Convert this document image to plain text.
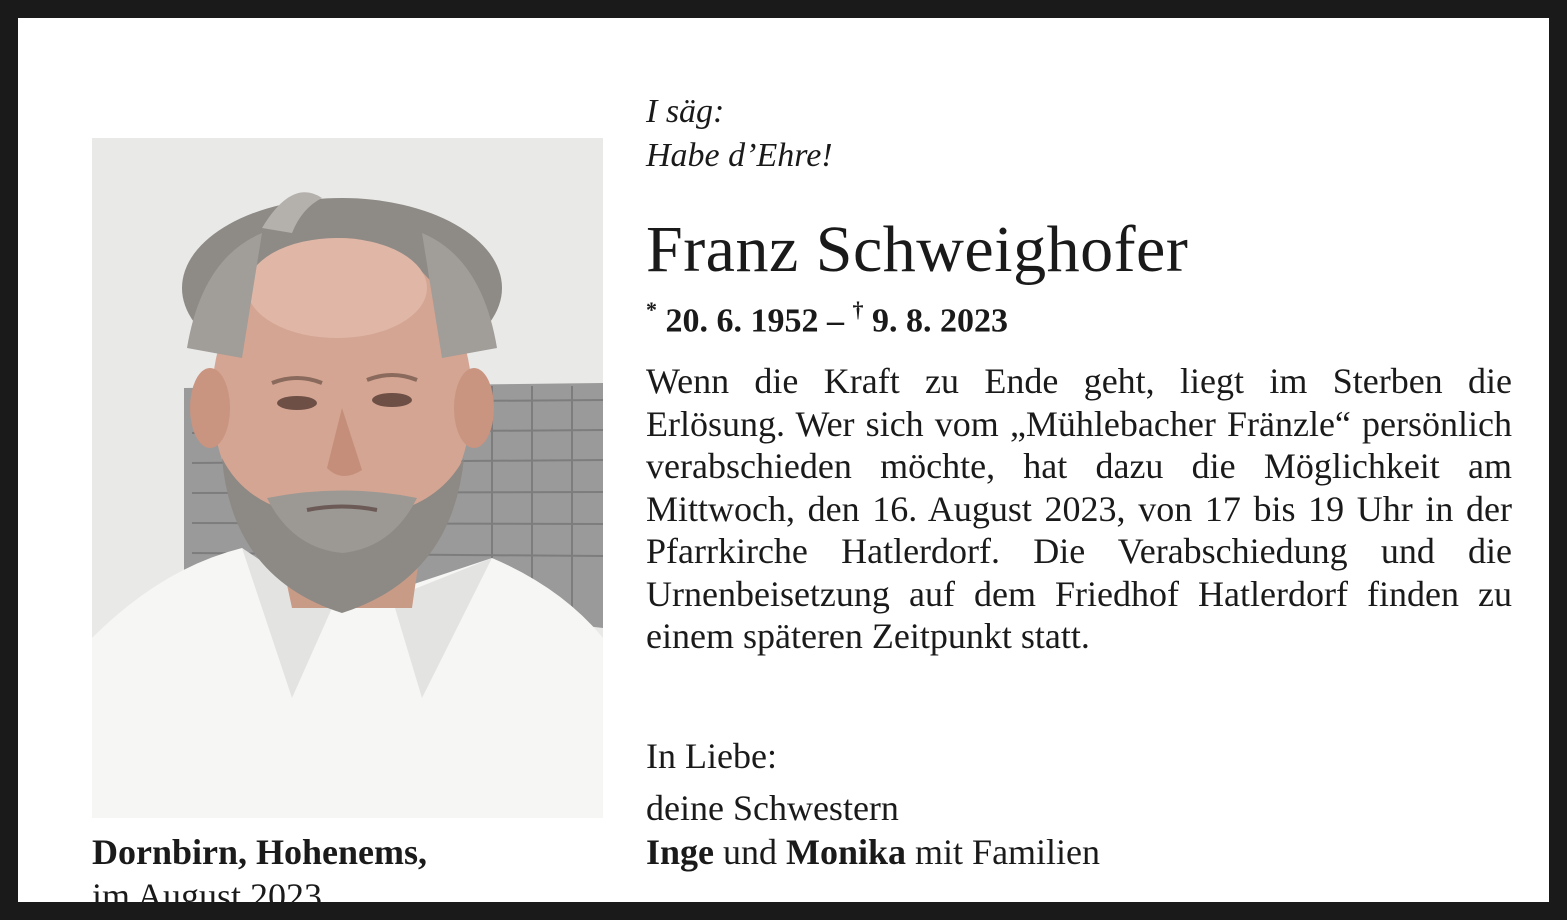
I säg:
Habe d’Ehre!
Franz Schweighofer
* 20. 6. 1952 – † 9. 8. 2023
Wenn die Kraft zu Ende geht, liegt im Sterben die Erlösung. Wer sich vom „Mühlebacher Fränzle“ persönlich verabschieden möchte, hat dazu die Möglichkeit am Mittwoch, den 16. August 2023, von 17 bis 19 Uhr in der Pfarrkirche Hatlerdorf. Die Verabschiedung und die Urnenbeisetzung auf dem Friedhof Hatlerdorf finden zu einem späteren Zeitpunkt statt.
In Liebe:
deine Schwestern
Inge und Monika mit Familien
Dornbirn, Hohenems,
im August 2023
